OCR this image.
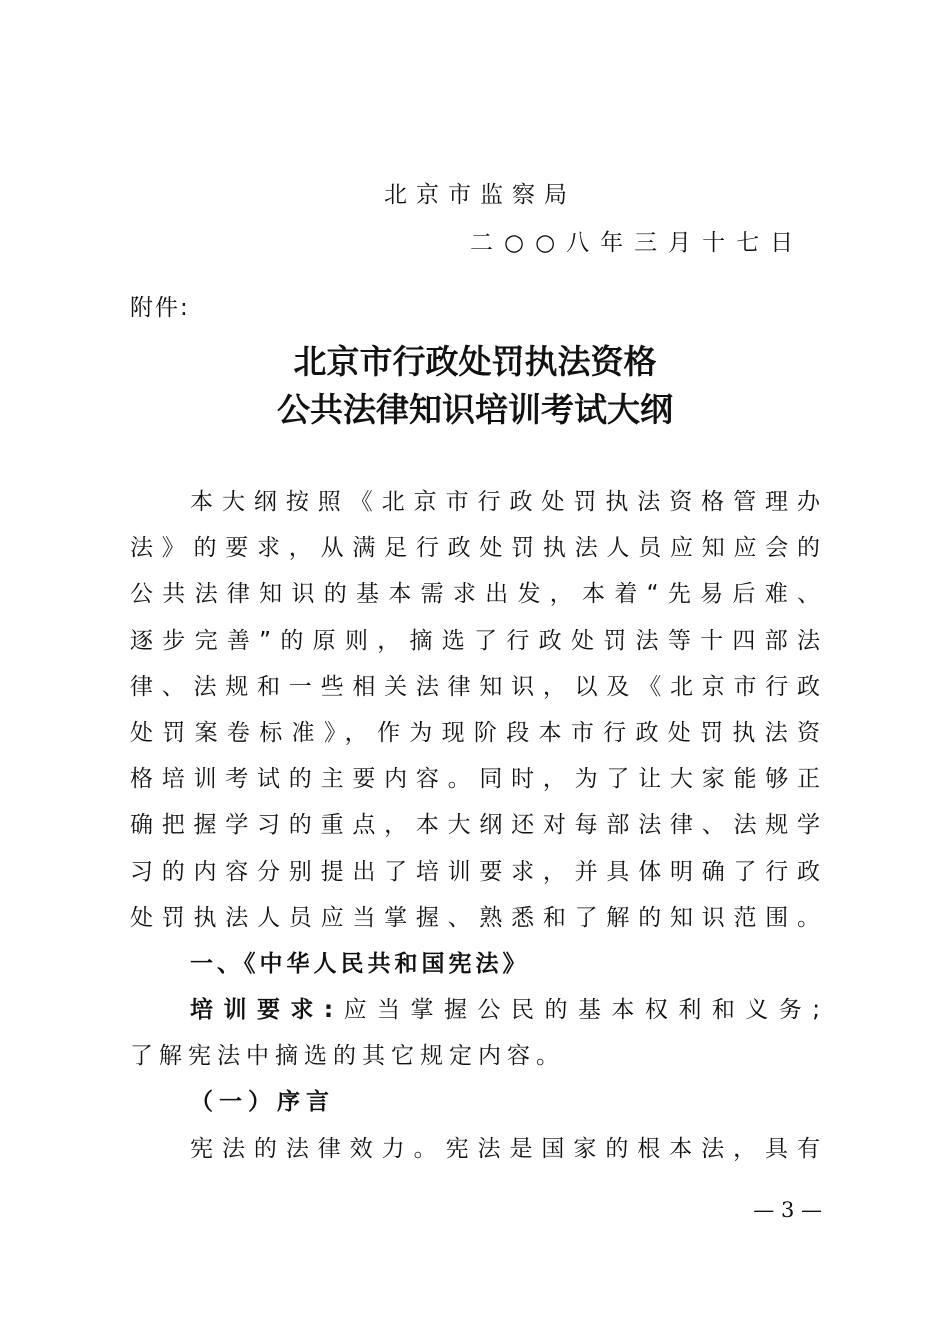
北京市监察局
二○○八年三月十七日
附件:
北京市行政处罚执法资格
公共法律知识培训考试大纲
本大纲按照《北京市行政处罚执法资格管理办
法》的要求，从满足行政处罚执法人员应知应会的
公共法律知识的基本需求出发，本着“先易后难、
逐步完善”的原则，摘选了行政处罚法等十四部法
律、法规和一些相关法律知识，以及《北京市行政
处罚案卷标准》，作为现阶段本市行政处罚执法资
格培训考试的主要内容。同时，为了让大家能够正
确把握学习的重点，本大纲还对每部法律、法规学
习的内容分别提出了培训要求，并具体明确了行政
处罚执法人员应当掌握、熟悉和了解的知识范围。
一、《中华人民共和国宪法》
培训要求:应当掌握公民的基本权利和义务;
了解宪法中摘选的其它规定内容。
（一）序言
宪法的法律效力。宪法是国家的根本法，具有
— 3 —
